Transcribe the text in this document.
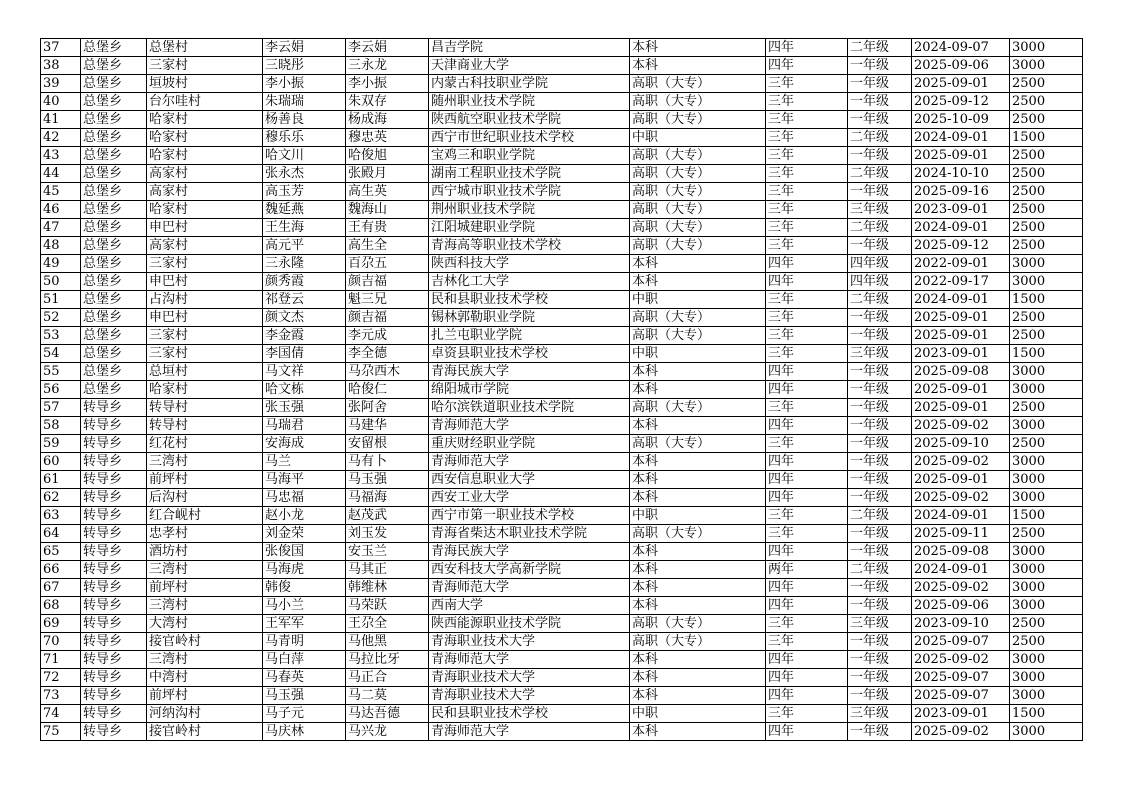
37	总堡乡	总堡村	李云娟	李云娟	昌吉学院	本科	四年	二年级	2024-09-07	3000
38	总堡乡	三家村	三晓彤	三永龙	天津商业大学	本科	四年	一年级	2025-09-06	3000
39	总堡乡	垣坡村	李小振	李小振	内蒙古科技职业学院	高职（大专）	三年	一年级	2025-09-01	2500
40	总堡乡	台尔哇村	朱瑞瑞	朱双存	随州职业技术学院	高职（大专）	三年	一年级	2025-09-12	2500
41	总堡乡	哈家村	杨善良	杨成海	陕西航空职业技术学院	高职（大专）	三年	一年级	2025-10-09	2500
42	总堡乡	哈家村	穆乐乐	穆忠英	西宁市世纪职业技术学校	中职	三年	二年级	2024-09-01	1500
43	总堡乡	哈家村	哈文川	哈俊旭	宝鸡三和职业学院	高职（大专）	三年	一年级	2025-09-01	2500
44	总堡乡	高家村	张永杰	张殿月	湖南工程职业技术学院	高职（大专）	三年	二年级	2024-10-10	2500
45	总堡乡	高家村	高玉芳	高生英	西宁城市职业技术学院	高职（大专）	三年	一年级	2025-09-16	2500
46	总堡乡	哈家村	魏延燕	魏海山	荆州职业技术学院	高职（大专）	三年	三年级	2023-09-01	2500
47	总堡乡	申巴村	王生海	王有贵	江阳城建职业学院	高职（大专）	三年	二年级	2024-09-01	2500
48	总堡乡	高家村	高元平	高生全	青海高等职业技术学校	高职（大专）	三年	一年级	2025-09-12	2500
49	总堡乡	三家村	三永隆	百尕五	陕西科技大学	本科	四年	四年级	2022-09-01	3000
50	总堡乡	申巴村	颜秀霞	颜吉福	吉林化工大学	本科	四年	四年级	2022-09-17	3000
51	总堡乡	占沟村	祁登云	魁三兄	民和县职业技术学校	中职	三年	二年级	2024-09-01	1500
52	总堡乡	申巴村	颜文杰	颜吉福	锡林郭勒职业学院	高职（大专）	三年	一年级	2025-09-01	2500
53	总堡乡	三家村	李金霞	李元成	扎兰屯职业学院	高职（大专）	三年	一年级	2025-09-01	2500
54	总堡乡	三家村	李国倩	李全德	卓资县职业技术学校	中职	三年	三年级	2023-09-01	1500
55	总堡乡	总垣村	马文祥	马尕西木	青海民族大学	本科	四年	一年级	2025-09-08	3000
56	总堡乡	哈家村	哈文栋	哈俊仁	绵阳城市学院	本科	四年	一年级	2025-09-01	3000
57	转导乡	转导村	张玉强	张阿舍	哈尔滨铁道职业技术学院	高职（大专）	三年	一年级	2025-09-01	2500
58	转导乡	转导村	马瑞君	马建华	青海师范大学	本科	四年	一年级	2025-09-02	3000
59	转导乡	红花村	安海成	安留根	重庆财经职业学院	高职（大专）	三年	一年级	2025-09-10	2500
60	转导乡	三湾村	马兰	马有卜	青海师范大学	本科	四年	一年级	2025-09-02	3000
61	转导乡	前坪村	马海平	马玉强	西安信息职业大学	本科	四年	一年级	2025-09-01	3000
62	转导乡	后沟村	马忠福	马福海	西安工业大学	本科	四年	一年级	2025-09-02	3000
63	转导乡	红合岘村	赵小龙	赵茂武	西宁市第一职业技术学校	中职	三年	二年级	2024-09-01	1500
64	转导乡	忠孝村	刘金荣	刘玉发	青海省柴达木职业技术学院	高职（大专）	三年	一年级	2025-09-11	2500
65	转导乡	酒坊村	张俊国	安玉兰	青海民族大学	本科	四年	一年级	2025-09-08	3000
66	转导乡	三湾村	马海虎	马其正	西安科技大学高新学院	本科	两年	二年级	2024-09-01	3000
67	转导乡	前坪村	韩俊	韩维林	青海师范大学	本科	四年	一年级	2025-09-02	3000
68	转导乡	三湾村	马小兰	马荣跃	西南大学	本科	四年	一年级	2025-09-06	3000
69	转导乡	大湾村	王军军	王尕全	陕西能源职业技术学院	高职（大专）	三年	三年级	2023-09-10	2500
70	转导乡	接官岭村	马青明	马他黑	青海职业技术大学	高职（大专）	三年	一年级	2025-09-07	2500
71	转导乡	三湾村	马白萍	马拉比牙	青海师范大学	本科	四年	一年级	2025-09-02	3000
72	转导乡	中湾村	马春英	马正合	青海职业技术大学	本科	四年	一年级	2025-09-07	3000
73	转导乡	前坪村	马玉强	马二莫	青海职业技术大学	本科	四年	一年级	2025-09-07	3000
74	转导乡	河纳沟村	马子元	马达吾德	民和县职业技术学校	中职	三年	三年级	2023-09-01	1500
75	转导乡	接官岭村	马庆林	马兴龙	青海师范大学	本科	四年	一年级	2025-09-02	3000
